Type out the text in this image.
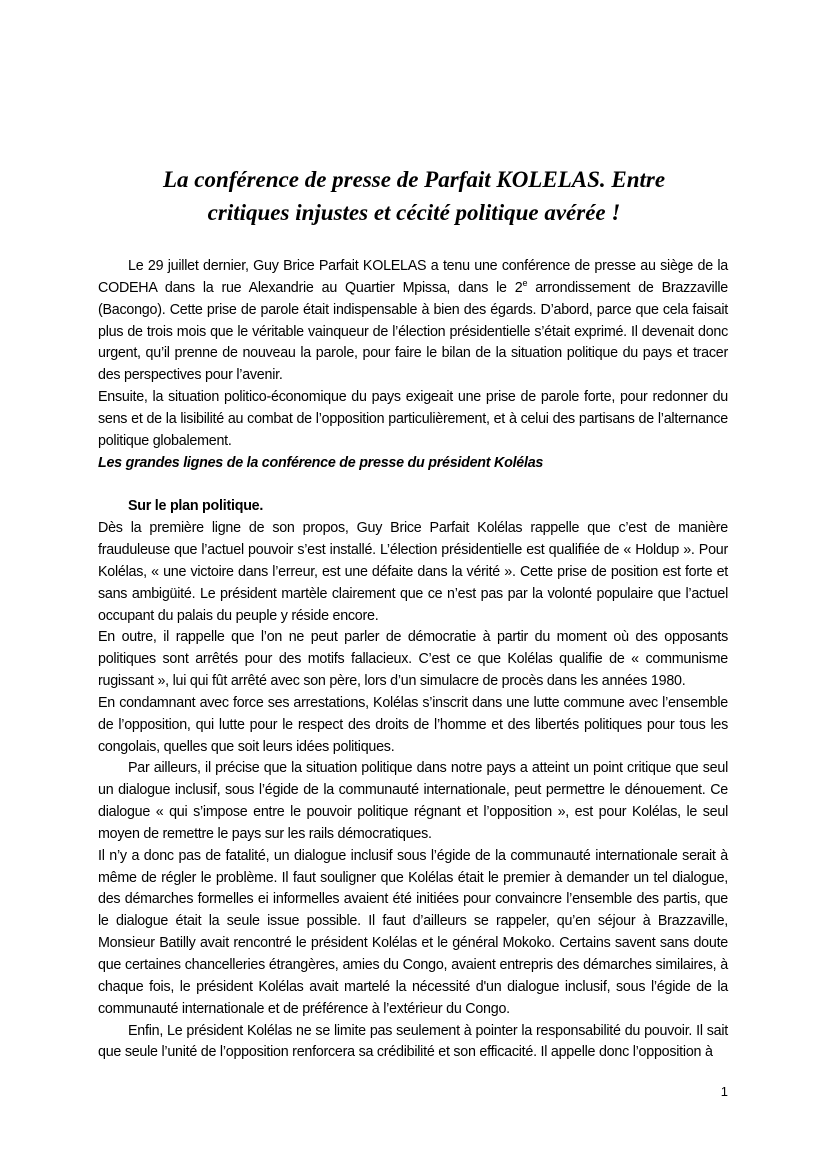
La conférence de presse de Parfait KOLELAS. Entre
critiques injustes et cécité politique avérée !

Le 29 juillet dernier, Guy Brice Parfait KOLELAS a tenu une conférence de presse au siège de la CODEHA dans la rue Alexandrie au Quartier Mpissa, dans le 2e arrondissement de Brazzaville (Bacongo). Cette prise de parole était indispensable à bien des égards. D’abord, parce que cela faisait plus de trois mois que le véritable vainqueur de l’élection présidentielle s’était exprimé. Il devenait donc urgent, qu’il prenne de nouveau la parole, pour faire le bilan de la situation politique du pays et tracer des perspectives pour l’avenir.

Ensuite, la situation politico-économique du pays exigeait une prise de parole forte, pour redonner du sens et de la lisibilité au combat de l’opposition particulièrement, et à celui des partisans de l’alternance politique globalement.

Les grandes lignes de la conférence de presse du président Kolélas

Sur le plan politique.

Dès la première ligne de son propos, Guy Brice Parfait Kolélas rappelle que c’est de manière frauduleuse que l’actuel pouvoir s’est installé. L’élection présidentielle est qualifiée de « Holdup ». Pour Kolélas, « une victoire dans l’erreur, est une défaite dans la vérité ». Cette prise de position est forte et sans ambigüité. Le président martèle clairement que ce n’est pas par la volonté populaire que l’actuel occupant du palais du peuple y réside encore.

En outre, il rappelle que l’on ne peut parler de démocratie à partir du moment où des opposants politiques sont arrêtés pour des motifs fallacieux. C’est ce que Kolélas qualifie de « communisme rugissant », lui qui fût arrêté avec son père, lors d’un simulacre de procès dans les années 1980.

En condamnant avec force ses arrestations, Kolélas s’inscrit dans une lutte commune avec l’ensemble de l’opposition, qui lutte pour le respect des droits de l’homme et des libertés politiques pour tous les congolais, quelles que soit leurs idées politiques.

Par ailleurs, il précise que la situation politique dans notre pays a atteint un point critique que seul un dialogue inclusif, sous l’égide de la communauté internationale, peut permettre le dénouement. Ce dialogue « qui s’impose entre le pouvoir politique régnant et l’opposition », est pour Kolélas, le seul moyen de remettre le pays sur les rails démocratiques.

Il n’y a donc pas de fatalité, un dialogue inclusif sous l’égide de la communauté internationale serait à même de régler le problème. Il faut souligner que Kolélas était le premier à demander un tel dialogue, des démarches formelles ei informelles avaient été initiées pour convaincre l’ensemble des partis, que le dialogue était la seule issue possible. Il faut d’ailleurs se rappeler, qu’en séjour à Brazzaville, Monsieur Batilly avait rencontré le président Kolélas et le général Mokoko. Certains savent sans doute que certaines chancelleries étrangères, amies du Congo, avaient entrepris des démarches similaires, à chaque fois, le président Kolélas avait martelé la nécessité d'un dialogue inclusif, sous l’égide de la communauté internationale et de préférence à l’extérieur du Congo.

Enfin, Le président Kolélas ne se limite pas seulement à pointer la responsabilité du pouvoir. Il sait que seule l’unité de l’opposition renforcera sa crédibilité et son efficacité. Il appelle donc l’opposition à

1
